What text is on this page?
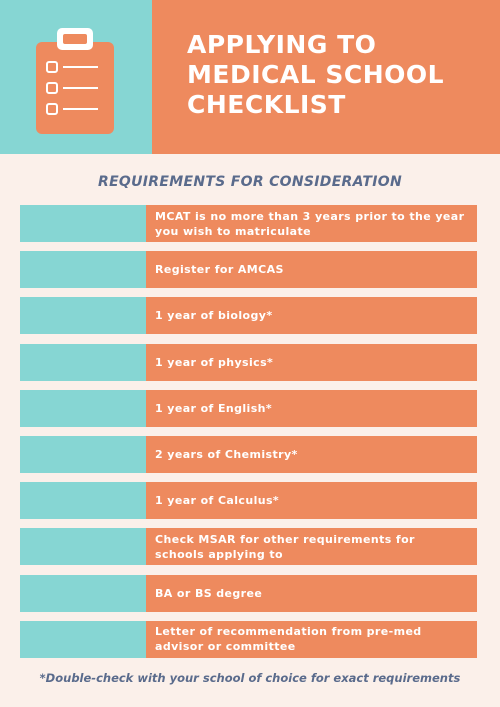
APPLYING TO
MEDICAL SCHOOL
CHECKLIST
REQUIREMENTS FOR CONSIDERATION
MCAT is no more than 3 years prior to the year you wish to matriculate
Register for AMCAS
1 year of biology*
1 year of physics*
1 year of English*
2 years of Chemistry*
1 year of Calculus*
Check MSAR for other requirements for schools applying to
BA or BS degree
Letter of recommendation from pre-med advisor or committee

*Double-check with your school of choice for exact requirements
